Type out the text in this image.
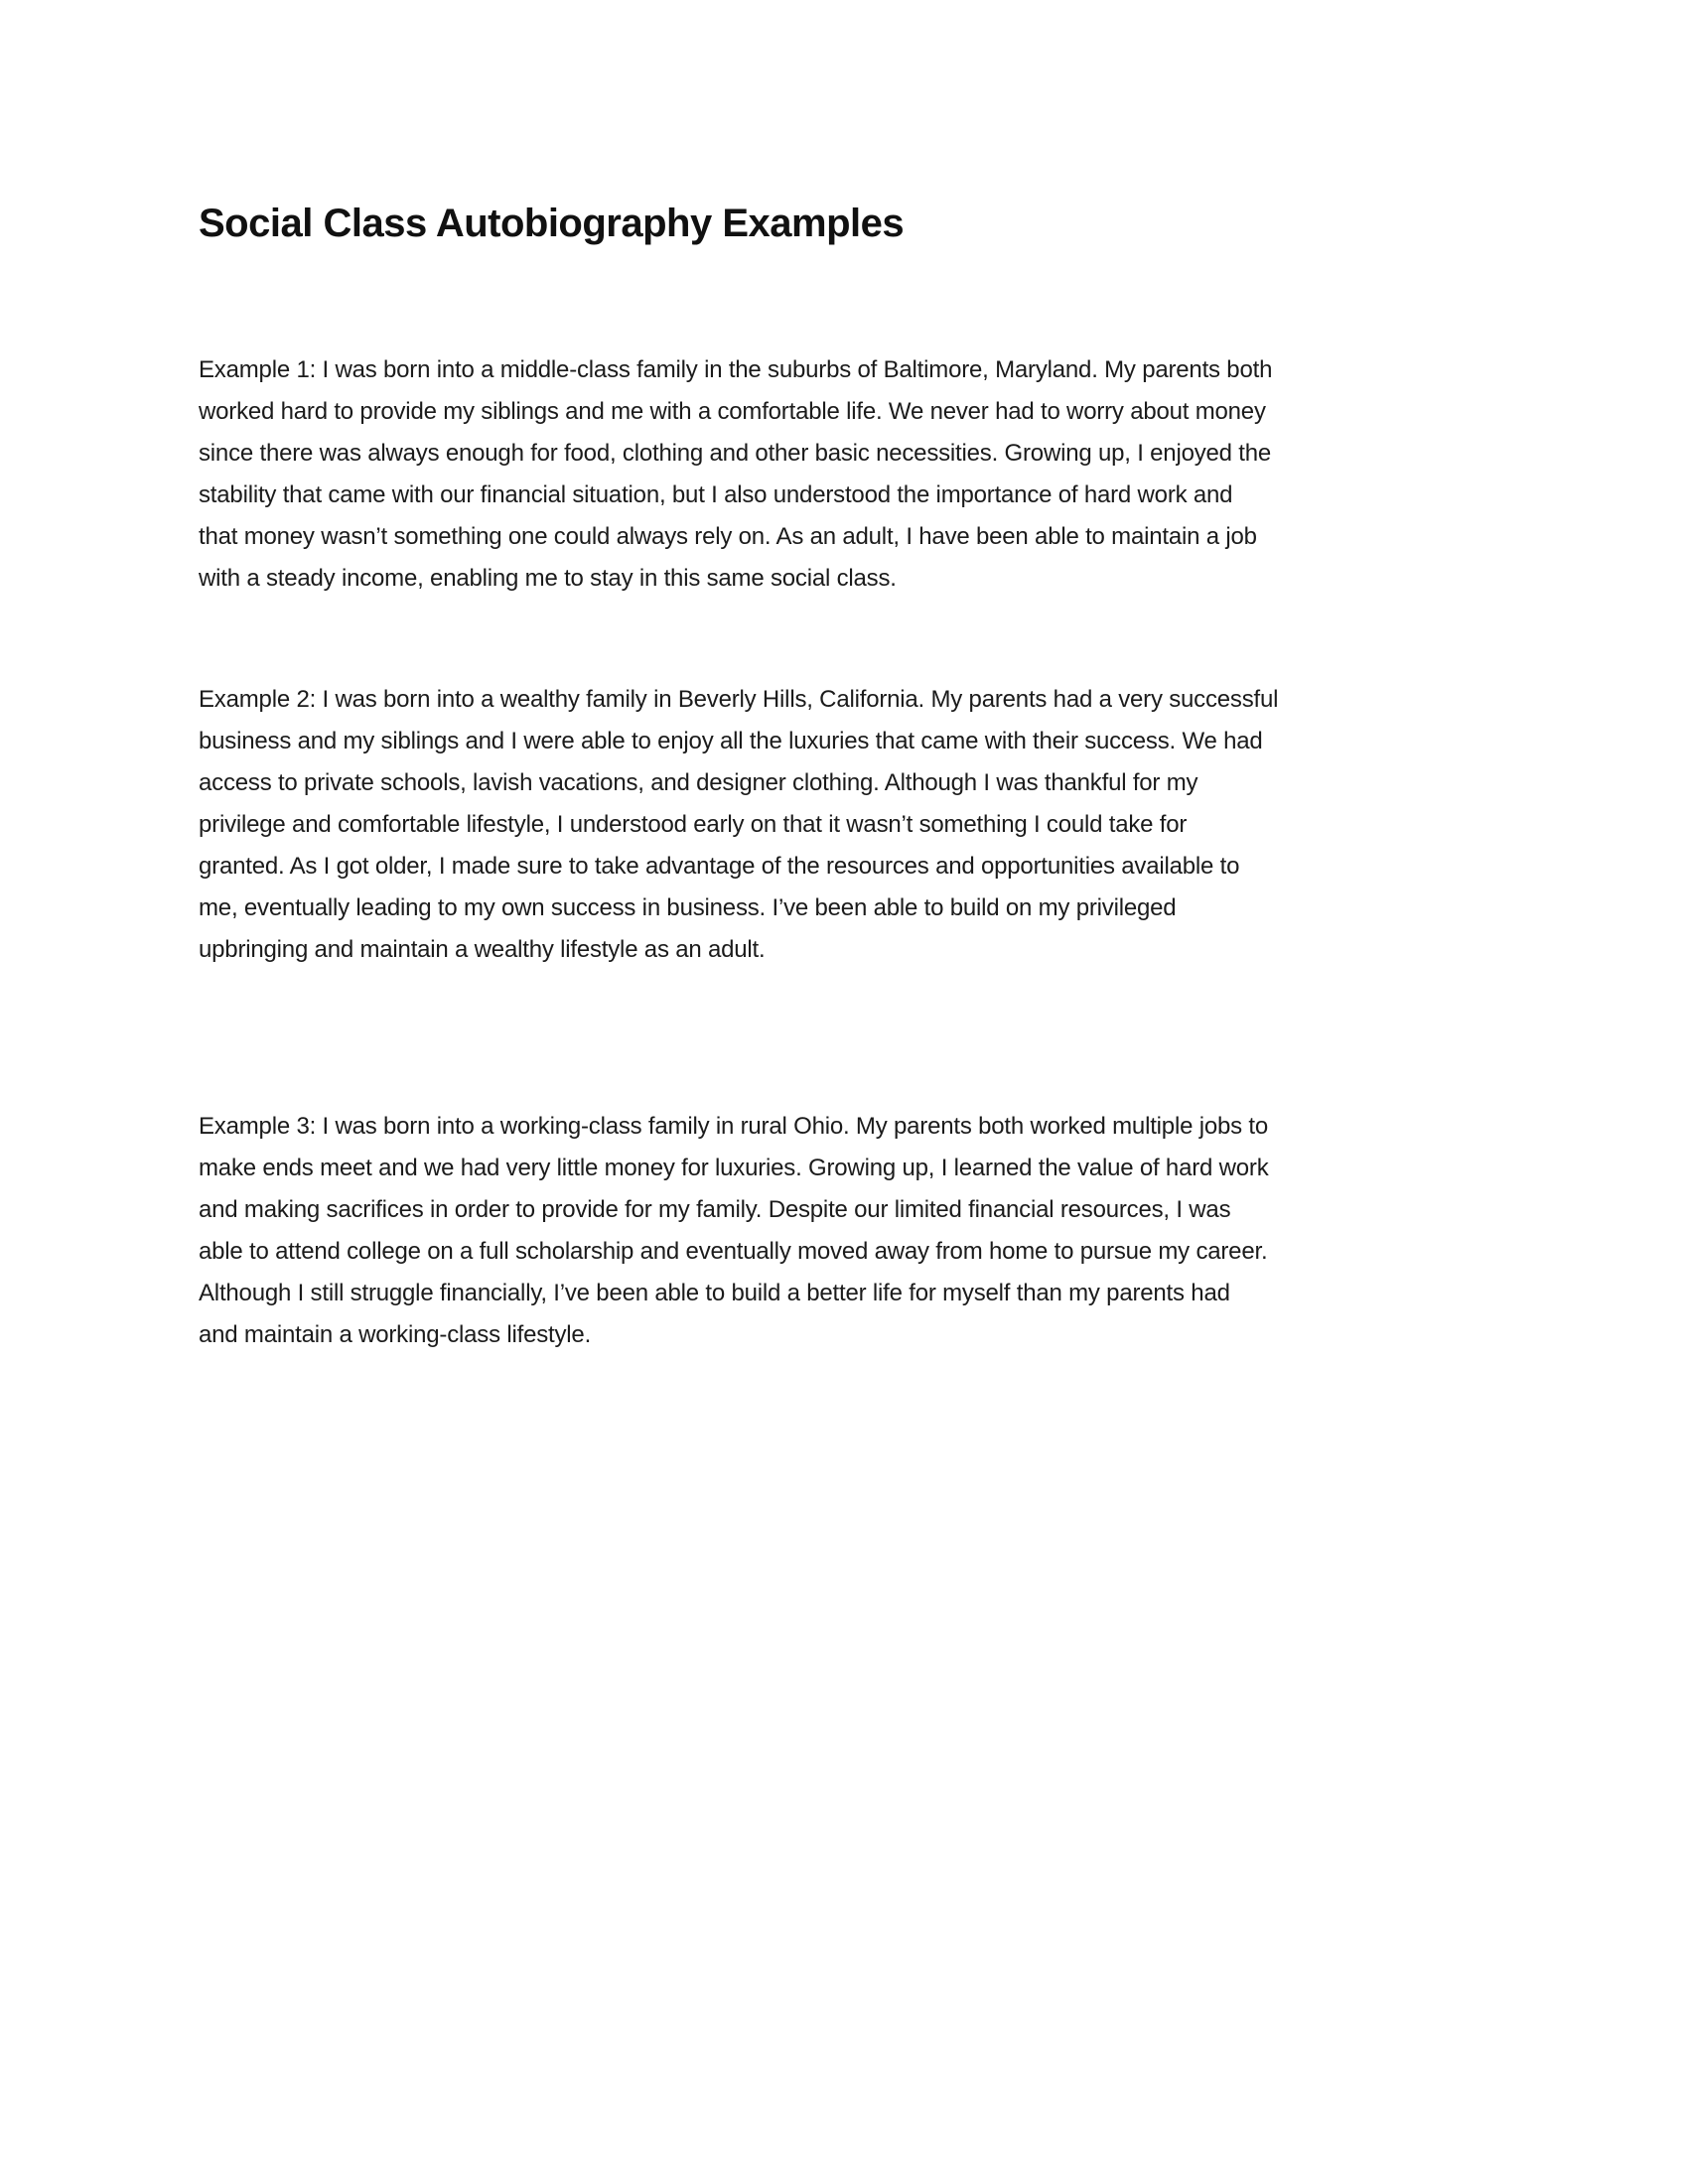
Social Class Autobiography Examples
Example 1: I was born into a middle-class family in the suburbs of Baltimore, Maryland. My parents both
worked hard to provide my siblings and me with a comfortable life. We never had to worry about money
since there was always enough for food, clothing and other basic necessities. Growing up, I enjoyed the
stability that came with our financial situation, but I also understood the importance of hard work and
that money wasn’t something one could always rely on. As an adult, I have been able to maintain a job
with a steady income, enabling me to stay in this same social class.
Example 2: I was born into a wealthy family in Beverly Hills, California. My parents had a very successful
business and my siblings and I were able to enjoy all the luxuries that came with their success. We had
access to private schools, lavish vacations, and designer clothing. Although I was thankful for my
privilege and comfortable lifestyle, I understood early on that it wasn’t something I could take for
granted. As I got older, I made sure to take advantage of the resources and opportunities available to
me, eventually leading to my own success in business. I’ve been able to build on my privileged
upbringing and maintain a wealthy lifestyle as an adult.
Example 3: I was born into a working-class family in rural Ohio. My parents both worked multiple jobs to
make ends meet and we had very little money for luxuries. Growing up, I learned the value of hard work
and making sacrifices in order to provide for my family. Despite our limited financial resources, I was
able to attend college on a full scholarship and eventually moved away from home to pursue my career.
Although I still struggle financially, I’ve been able to build a better life for myself than my parents had
and maintain a working-class lifestyle.
